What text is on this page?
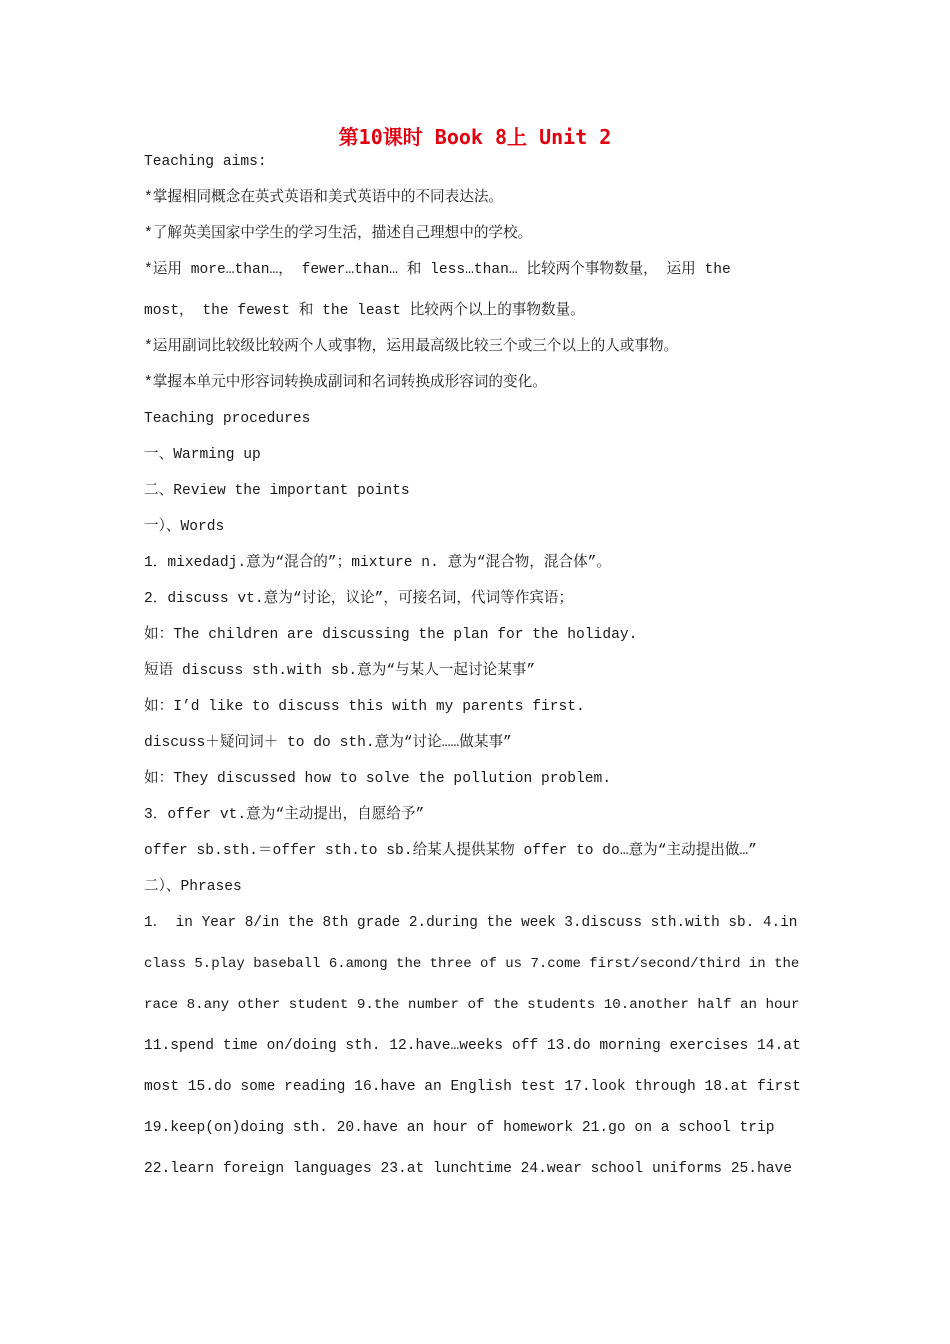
第10课时 Book 8上 Unit 2
Teaching aims:
*掌握相同概念在英式英语和美式英语中的不同表达法。
*了解英美国家中学生的学习生活，描述自己理想中的学校。
*运用 more…than…， fewer…than… 和 less…than… 比较两个事物数量， 运用 the
most， the fewest 和 the least 比较两个以上的事物数量。
*运用副词比较级比较两个人或事物，运用最高级比较三个或三个以上的人或事物。
*掌握本单元中形容词转换成副词和名词转换成形容词的变化。
Teaching procedures
一、Warming up
二、Review the important points
一）、Words
1．mixedadj.意为“混合的”；mixture n. 意为“混合物，混合体”。
2．discuss vt.意为“讨论，议论”，可接名词，代词等作宾语；
如：The children are discussing the plan for the holiday.
短语 discuss sth.with sb.意为“与某人一起讨论某事”
如：I’d like to discuss this with my parents first.
discuss＋疑问词＋ to do sth.意为“讨论……做某事”
如：They discussed how to solve the pollution problem.
3．offer vt.意为“主动提出，自愿给予”
offer sb.sth.＝offer sth.to sb.给某人提供某物 offer to do…意为“主动提出做…”
二）、Phrases
1． in Year 8/in the 8th grade 2.during the week 3.discuss sth.with sb. 4.in
class 5.play baseball 6.among the three of us 7.come first/second/third in the
race 8.any other student 9.the number of the students 10.another half an hour
11.spend time on/doing sth. 12.have…weeks off 13.do morning exercises 14.at
most 15.do some reading 16.have an English test 17.look through 18.at first
19.keep(on)doing sth. 20.have an hour of homework 21.go on a school trip
22.learn foreign languages 23.at lunchtime 24.wear school uniforms 25.have
